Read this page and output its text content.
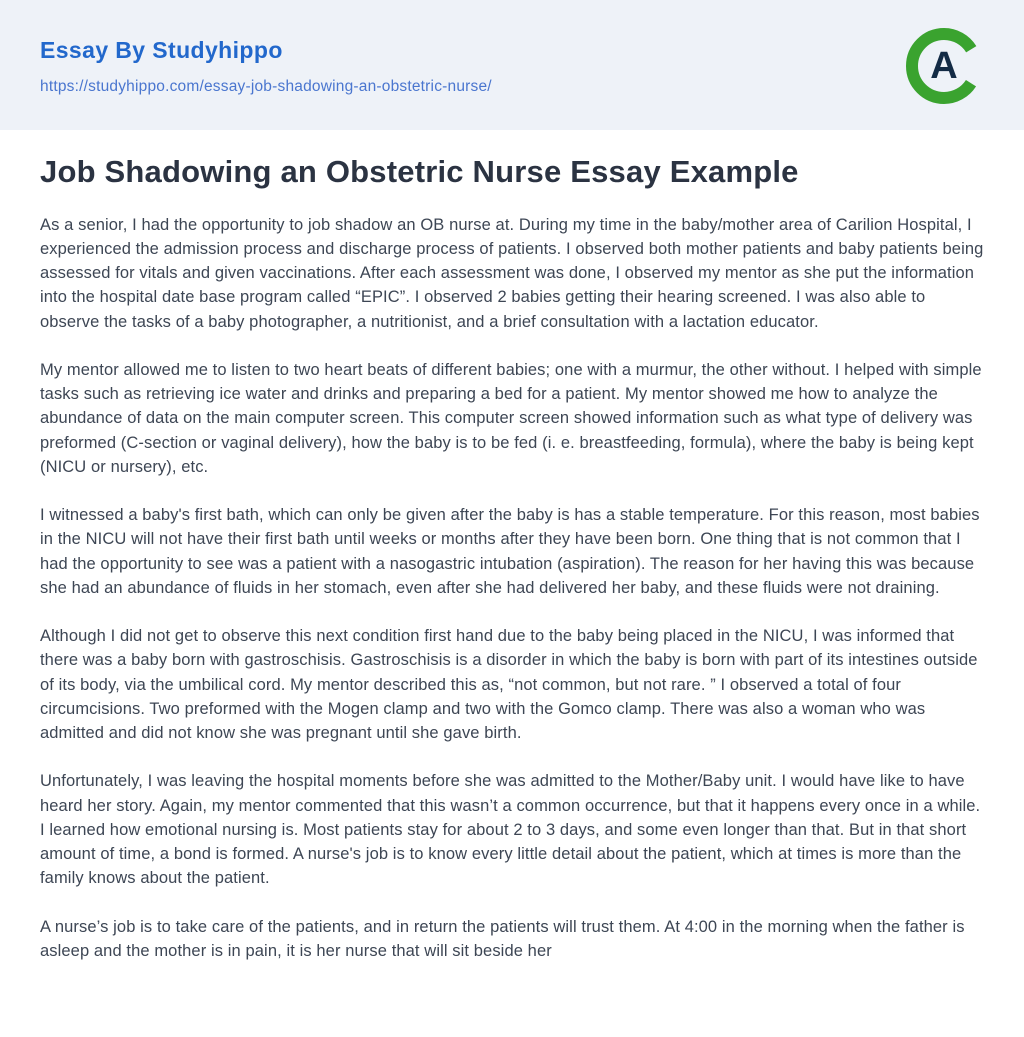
Essay By Studyhippo
https://studyhippo.com/essay-job-shadowing-an-obstetric-nurse/	A
Job Shadowing an Obstetric Nurse Essay Example

As a senior, I had the opportunity to job shadow an OB nurse at. During my time in the baby/mother area of Carilion Hospital, I experienced the admission process and discharge process of patients. I observed both mother patients and baby patients being assessed for vitals and given vaccinations. After each assessment was done, I observed my mentor as she put the information into the hospital date base program called “EPIC”. I observed 2 babies getting their hearing screened. I was also able to observe the tasks of a baby photographer, a nutritionist, and a brief consultation with a lactation educator.

My mentor allowed me to listen to two heart beats of different babies; one with a murmur, the other without. I helped with simple tasks such as retrieving ice water and drinks and preparing a bed for a patient. My mentor showed me how to analyze the abundance of data on the main computer screen. This computer screen showed information such as what type of delivery was preformed (C-section or vaginal delivery), how the baby is to be fed (i. e. breastfeeding, formula), where the baby is being kept (NICU or nursery), etc.

I witnessed a baby's first bath, which can only be given after the baby is has a stable temperature. For this reason, most babies in the NICU will not have their first bath until weeks or months after they have been born. One thing that is not common that I had the opportunity to see was a patient with a nasogastric intubation (aspiration). The reason for her having this was because she had an abundance of fluids in her stomach, even after she had delivered her baby, and these fluids were not draining.

Although I did not get to observe this next condition first hand due to the baby being placed in the NICU, I was informed that there was a baby born with gastroschisis. Gastroschisis is a disorder in which the baby is born with part of its intestines outside of its body, via the umbilical cord. My mentor described this as, “not common, but not rare. ” I observed a total of four circumcisions. Two preformed with the Mogen clamp and two with the Gomco clamp. There was also a woman who was admitted and did not know she was pregnant until she gave birth.

Unfortunately, I was leaving the hospital moments before she was admitted to the Mother/Baby unit. I would have like to have heard her story. Again, my mentor commented that this wasn’t a common occurrence, but that it happens every once in a while. I learned how emotional nursing is. Most patients stay for about 2 to 3 days, and some even longer than that. But in that short amount of time, a bond is formed. A nurse's job is to know every little detail about the patient, which at times is more than the family knows about the patient.

A nurse’s job is to take care of the patients, and in return the patients will trust them. At 4:00 in the morning when the father is asleep and the mother is in pain, it is her nurse that will sit beside her
